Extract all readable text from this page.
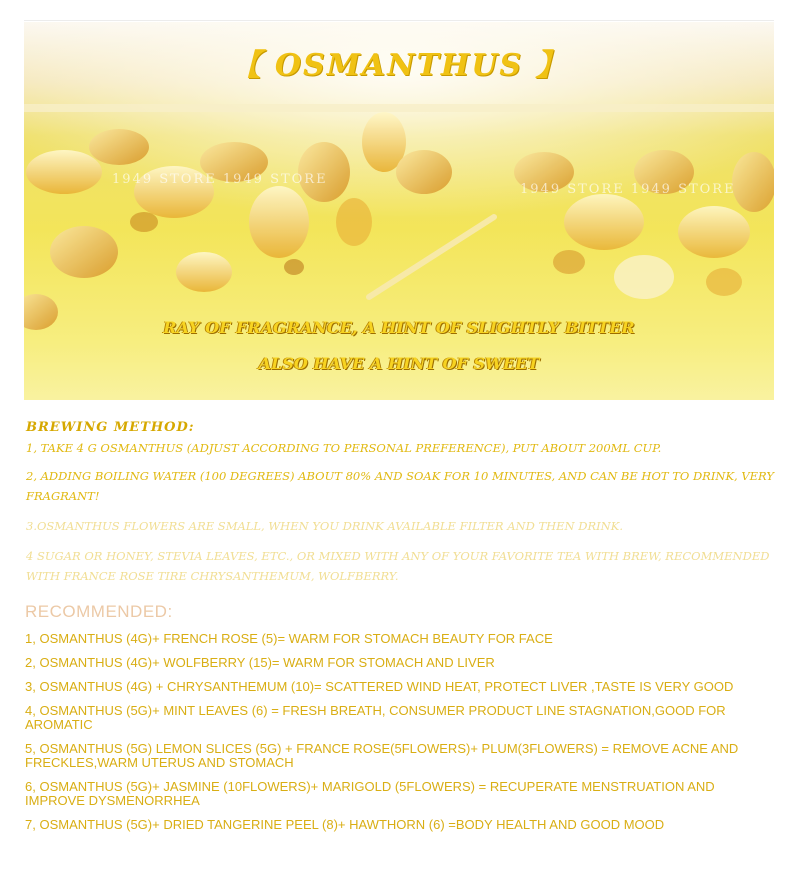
【 OSMANTHUS 】
1949 STORE 1949 STORE
1949 STORE 1949 STORE
RAY OF FRAGRANCE, A HINT OF SLIGHTLY BITTER
ALSO HAVE A HINT OF SWEET
BREWING METHOD:
1, TAKE 4 G OSMANTHUS (ADJUST ACCORDING TO PERSONAL PREFERENCE), PUT ABOUT 200ML CUP.
2, ADDING BOILING WATER (100 DEGREES) ABOUT 80% AND SOAK FOR 10 MINUTES, AND CAN BE HOT TO DRINK, VERY FRAGRANT!
3.OSMANTHUS FLOWERS ARE SMALL, WHEN YOU DRINK AVAILABLE FILTER AND THEN DRINK.
4 SUGAR OR HONEY, STEVIA LEAVES, ETC., OR MIXED WITH ANY OF YOUR FAVORITE TEA WITH BREW, RECOMMENDED WITH FRANCE ROSE TIRE CHRYSANTHEMUM, WOLFBERRY.
RECOMMENDED:
1, OSMANTHUS (4G)+ FRENCH ROSE (5)= WARM FOR STOMACH BEAUTY FOR FACE
2, OSMANTHUS (4G)+ WOLFBERRY (15)= WARM FOR STOMACH AND LIVER
3, OSMANTHUS (4G) + CHRYSANTHEMUM (10)= SCATTERED WIND HEAT, PROTECT LIVER ,TASTE IS VERY GOOD
4, OSMANTHUS (5G)+ MINT LEAVES (6) = FRESH BREATH, CONSUMER PRODUCT LINE STAGNATION,GOOD FOR AROMATIC
5, OSMANTHUS (5G) LEMON SLICES (5G) + FRANCE ROSE(5FLOWERS)+ PLUM(3FLOWERS) = REMOVE ACNE AND FRECKLES,WARM UTERUS AND STOMACH
6, OSMANTHUS (5G)+ JASMINE (10FLOWERS)+ MARIGOLD (5FLOWERS) = RECUPERATE MENSTRUATION AND IMPROVE DYSMENORRHEA
7, OSMANTHUS (5G)+ DRIED TANGERINE PEEL (8)+ HAWTHORN (6) =BODY HEALTH AND GOOD MOOD
